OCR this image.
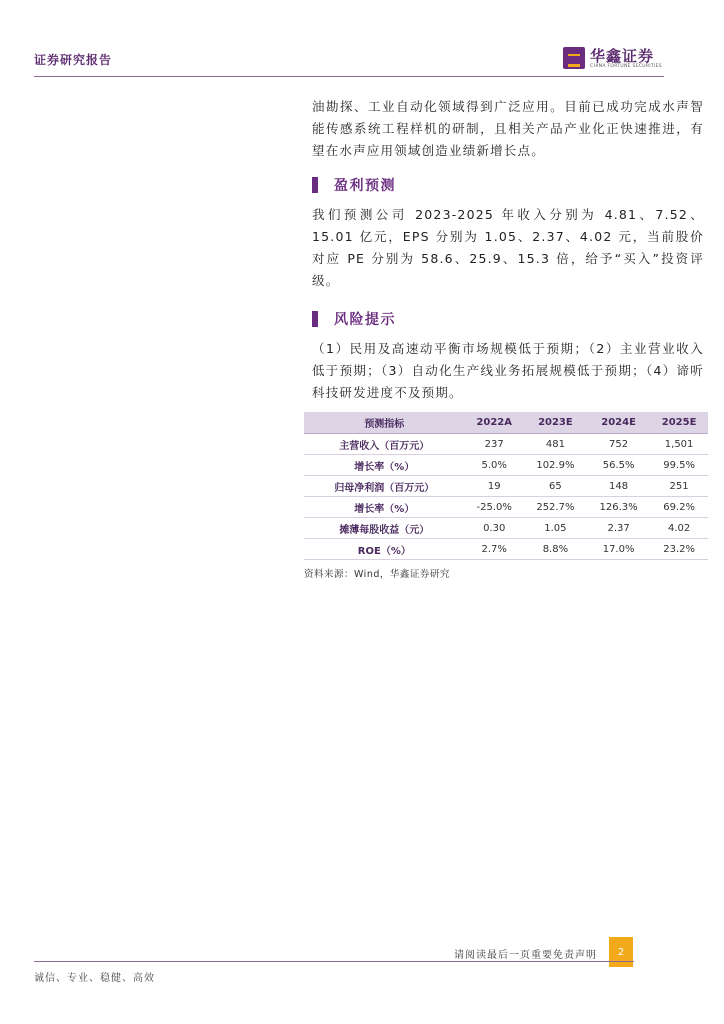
证券研究报告	华鑫证券
CHINA FORTUNE SECURITIES

油勘探、工业自动化领域得到广泛应用。目前已成功完成水声智能传感系统工程样机的研制，且相关产品产业化正快速推进，有望在水声应用领域创造业绩新增长点。

盈利预测

我们预测公司 2023-2025 年收入分别为 4.81、7.52、15.01 亿元，EPS 分别为 1.05、2.37、4.02 元，当前股价对应 PE 分别为 58.6、25.9、15.3 倍，给予“买入”投资评级。

风险提示

（1）民用及高速动平衡市场规模低于预期；（2）主业营业收入低于预期；（3）自动化生产线业务拓展规模低于预期；（4）谛听科技研发进度不及预期。

预测指标	2022A	2023E	2024E	2025E
主营收入（百万元）	237	481	752	1,501
增长率（%）	5.0%	102.9%	56.5%	99.5%
归母净利润（百万元）	19	65	148	251
增长率（%）	-25.0%	252.7%	126.3%	69.2%
摊薄每股收益（元）	0.30	1.05	2.37	4.02
ROE（%）	2.7%	8.8%	17.0%	23.2%
资料来源：Wind，华鑫证券研究
请阅读最后一页重要免责声明	2
诚信、专业、稳健、高效
